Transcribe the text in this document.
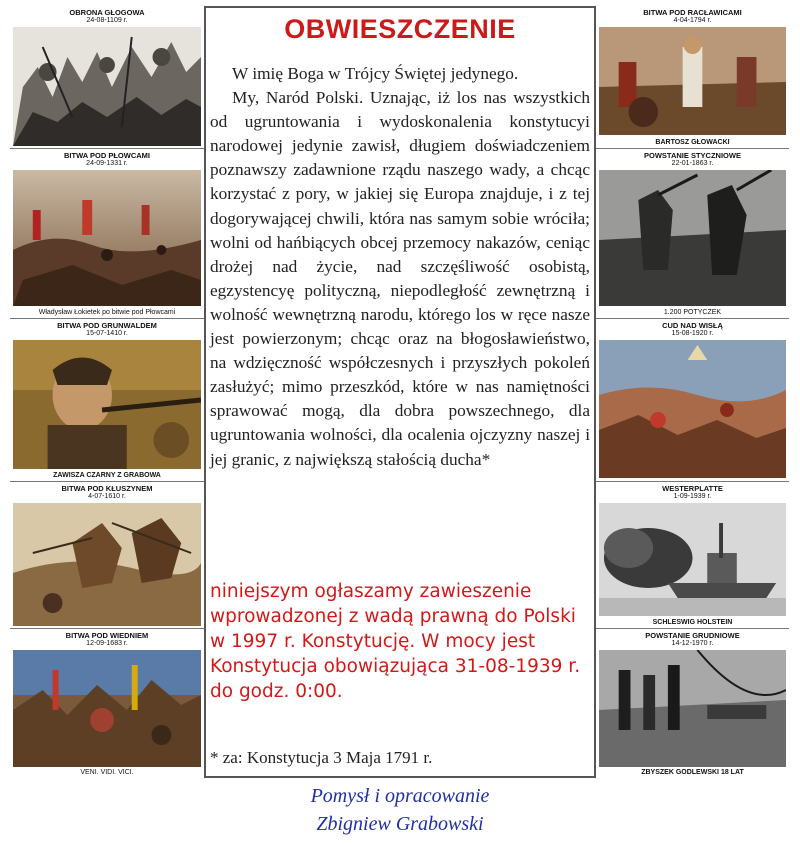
OBRONA GŁOGOWA
24-08-1109 r.
BITWA POD PŁOWCAMI
24-09-1331 r.
Władysław Łokietek po bitwie pod Płowcami
BITWA POD GRUNWALDEM
15-07-1410 r.
ZAWISZA CZARNY Z GRABOWA
BITWA POD KŁUSZYNEM
4-07-1610 r.
BITWA POD WIEDNIEM
12-09-1683 r.
VENI. VIDI. VICI.
OBWIESZCZENIE

W imię Boga w Trójcy Świętej jedynego.

My, Naród Polski. Uznając, iż los nas wszystkich od ugruntowania i wydoskonalenia konstytucyi narodowej jedynie zawisł, długiem doświadczeniem poznawszy zadawnione rządu naszego wady, a chcąc korzystać z pory, w jakiej się Europa znajduje, i z tej dogorywającej chwili, która nas samym sobie wróciła; wolni od hańbiących obcej przemocy nakazów, ceniąc drożej nad życie, nad szczęśliwość osobistą, egzystencyę polityczną, niepodległość zewnętrzną i wolność wewnętrzną narodu, którego los w ręce nasze jest powierzonym; chcąc oraz na błogosławieństwo, na wdzięczność współczesnych i przyszłych pokoleń zasłużyć; mimo przeszkód, które w nas namiętności sprawować mogą, dla dobra powszechnego, dla ugruntowania wolności, dla ocalenia ojczyzny naszej i jej granic, z największą stałością ducha*

niniejszym ogłaszamy zawieszenie wprowadzonej z wadą prawną do Polski w 1997 r. Konstytucję. W mocy jest Konstytucja obowiązująca 31-08-1939 r. do godz. 0:00.
* za: Konstytucja 3 Maja 1791 r.
BITWA POD RACŁAWICAMI
4-04-1794 r.
BARTOSZ GŁOWACKI
POWSTANIE STYCZNIOWE
22-01-1863 r.
1.200 POTYCZEK
CUD NAD WISŁĄ
15-08-1920 r.
WESTERPLATTE
1-09-1939 r.
SCHLESWIG HOLSTEIN
POWSTANIE GRUDNIOWE
14-12-1970 r.
ZBYSZEK GODLEWSKI 18 LAT
Pomysł i opracowanie
Zbigniew Grabowski
